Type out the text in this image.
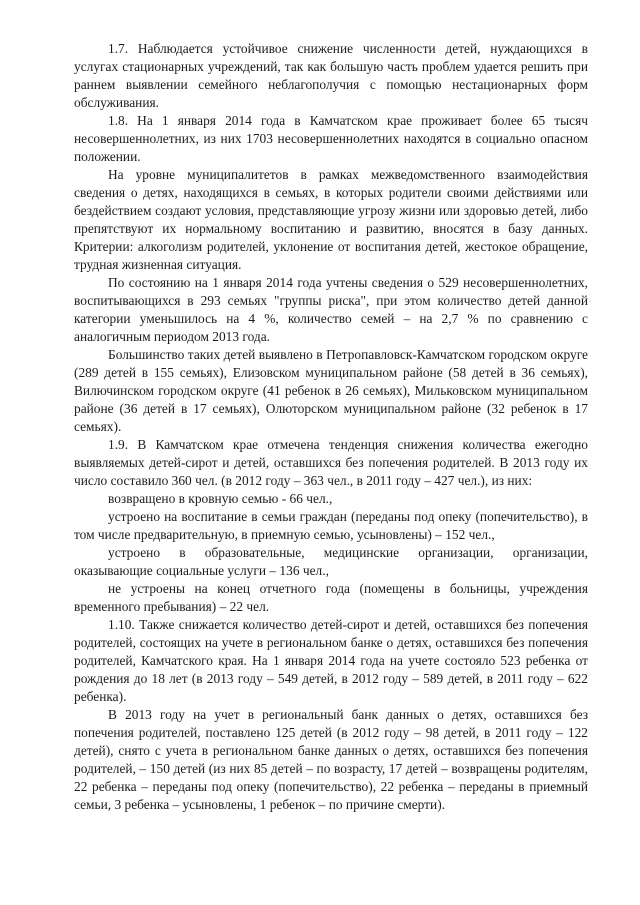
1.7. Наблюдается устойчивое снижение численности детей, нуждающихся в услугах стационарных учреждений, так как большую часть проблем удается решить при раннем выявлении семейного неблагополучия с помощью нестационарных форм обслуживания.

1.8. На 1 января 2014 года в Камчатском крае проживает более 65 тысяч несовершеннолетних, из них 1703 несовершеннолетних находятся в социально опасном положении.

На уровне муниципалитетов в рамках межведомственного взаимодействия сведения о детях, находящихся в семьях, в которых родители своими действиями или бездействием создают условия, представляющие угрозу жизни или здоровью детей, либо препятствуют их нормальному воспитанию и развитию, вносятся в базу данных. Критерии: алкоголизм родителей, уклонение от воспитания детей, жестокое обращение, трудная жизненная ситуация.

По состоянию на 1 января 2014 года учтены сведения о 529 несовершеннолетних, воспитывающихся в 293 семьях "группы риска", при этом количество детей данной категории уменьшилось на 4 %, количество семей – на 2,7 % по сравнению с аналогичным периодом 2013 года.

Большинство таких детей выявлено в Петропавловск-Камчатском городском округе (289 детей в 155 семьях), Елизовском муниципальном районе (58 детей в 36 семьях), Вилючинском городском округе (41 ребенок в 26 семьях), Мильковском муниципальном районе (36 детей в 17 семьях), Олюторском муниципальном районе (32 ребенок в 17 семьях).

1.9. В Камчатском крае отмечена тенденция снижения количества ежегодно выявляемых детей-сирот и детей, оставшихся без попечения родителей. В 2013 году их число составило 360 чел. (в 2012 году – 363 чел., в 2011 году – 427 чел.), из них:

возвращено в кровную семью - 66 чел.,

устроено на воспитание в семьи граждан (переданы под опеку (попечительство), в том числе предварительную, в приемную семью, усыновлены) – 152 чел.,

устроено в образовательные, медицинские организации, организации, оказывающие социальные услуги – 136 чел.,

не устроены на конец отчетного года (помещены в больницы, учреждения временного пребывания) – 22 чел.

1.10. Также снижается количество детей-сирот и детей, оставшихся без попечения родителей, состоящих на учете в региональном банке о детях, оставшихся без попечения родителей, Камчатского края. На 1 января 2014 года на учете состояло 523 ребенка от рождения до 18 лет (в 2013 году – 549 детей, в 2012 году – 589 детей, в 2011 году – 622 ребенка).

В 2013 году на учет в региональный банк данных о детях, оставшихся без попечения родителей, поставлено 125 детей (в 2012 году – 98 детей, в 2011 году – 122 детей), снято с учета в региональном банке данных о детях, оставшихся без попечения родителей, – 150 детей (из них 85 детей – по возрасту, 17 детей – возвращены родителям, 22 ребенка – переданы под опеку (попечительство), 22 ребенка – переданы в приемный семьи, 3 ребенка – усыновлены, 1 ребенок – по причине смерти).
